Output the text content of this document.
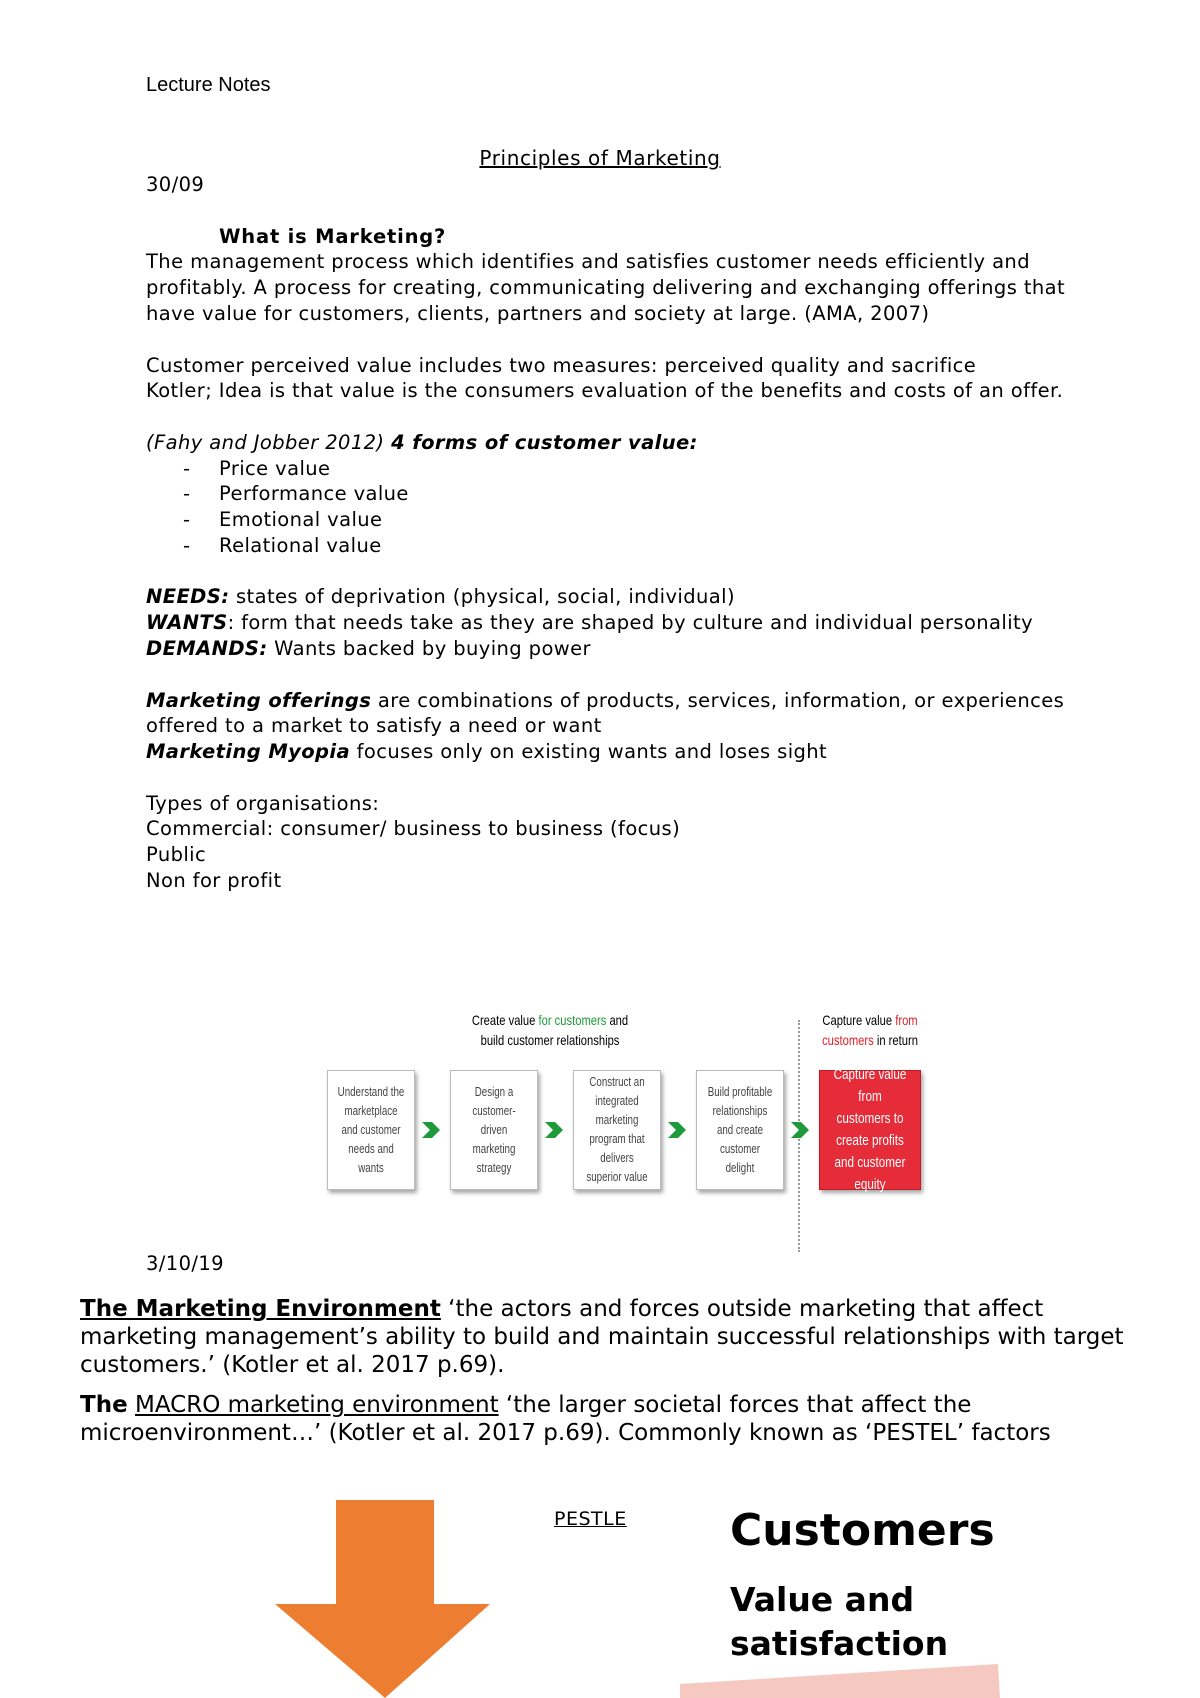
Lecture Notes
Principles of Marketing

30/09

What is Marketing?

The management process which identifies and satisfies customer needs efficiently and profitably. A process for creating, communicating delivering and exchanging offerings that have value for customers, clients, partners and society at large. (AMA, 2007)

Customer perceived value includes two measures: perceived quality and sacrifice

Kotler; Idea is that value is the consumers evaluation of the benefits and costs of an offer.

(Fahy and Jobber 2012) 4 forms of customer value:

- Price value
- Performance value
- Emotional value
- Relational value

NEEDS: states of deprivation (physical, social, individual)

WANTS: form that needs take as they are shaped by culture and individual personality

DEMANDS: Wants backed by buying power

Marketing offerings are combinations of products, services, information, or experiences offered to a market to satisfy a need or want

Marketing Myopia focuses only on existing wants and loses sight

Types of organisations:

Commercial: consumer/ business to business (focus)

Public

Non for profit

Create value for customers and
build customer relationships
Capture value from
customers in return
Understand the marketplace and customer needs and wants
Design a customer-driven marketing strategy
Construct an integrated marketing program that delivers superior value
Build profitable relationships and create customer delight
Capture value from customers to create profits and customer equity

3/10/19

The Marketing Environment ‘the actors and forces outside marketing that affect marketing management’s ability to build and maintain successful relationships with target customers.’ (Kotler et al. 2017 p.69).

The MACRO marketing environment ‘the larger societal forces that affect the microenvironment…’ (Kotler et al. 2017 p.69). Commonly known as ‘PESTEL’ factors

PESTLE Customers
Value and satisfaction
